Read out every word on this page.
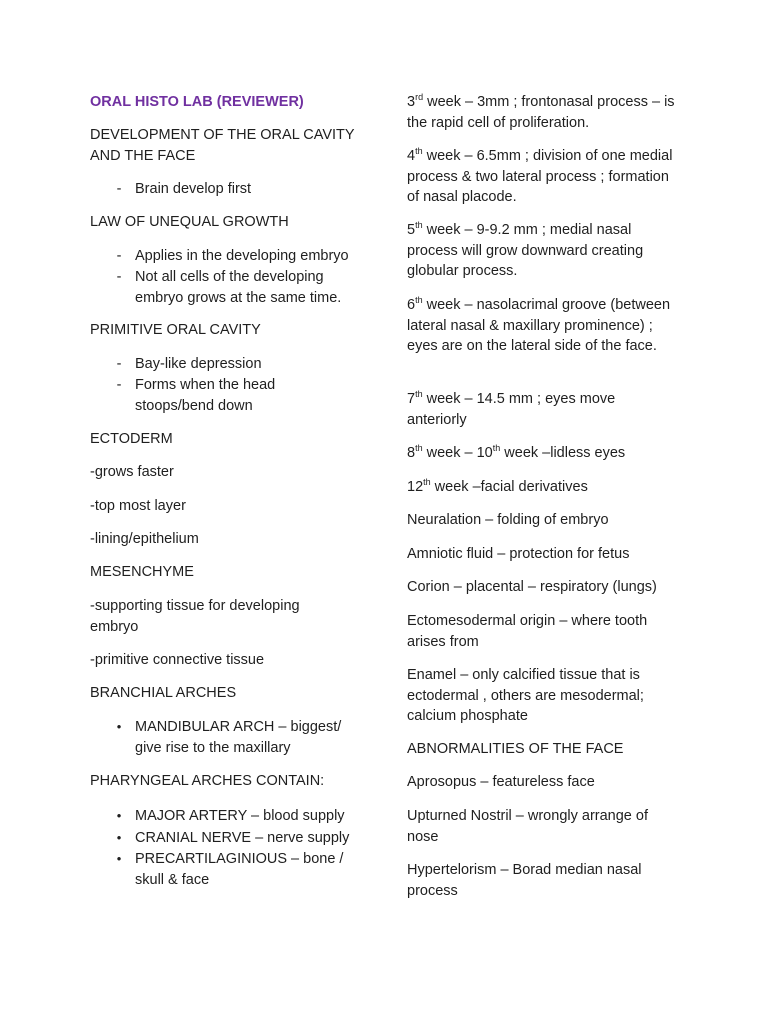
ORAL HISTO LAB (REVIEWER)

DEVELOPMENT OF THE ORAL CAVITY AND THE FACE

- Brain develop first

LAW OF UNEQUAL GROWTH

- Applies in the developing embryo
- Not all cells of the developing embryo grows at the same time.

PRIMITIVE ORAL CAVITY

- Bay-like depression
- Forms when the head stoops/bend down

ECTODERM

-grows faster

-top most layer

-lining/epithelium

MESENCHYME

-supporting tissue for developing embryo

-primitive connective tissue

BRANCHIAL ARCHES

• MANDIBULAR ARCH – biggest/ give rise to the maxillary

PHARYNGEAL ARCHES CONTAIN:

• MAJOR ARTERY – blood supply
• CRANIAL NERVE – nerve supply
• PRECARTILAGINIOUS – bone / skull & face

3rd week – 3mm ; frontonasal process – is the rapid cell of proliferation.

4th week – 6.5mm ; division of one medial process & two lateral process ; formation of nasal placode.

5th week – 9-9.2 mm ; medial nasal process will grow downward creating globular process.

6th week – nasolacrimal groove (between lateral nasal & maxillary prominence) ; eyes are on the lateral side of the face.

7th week – 14.5 mm ; eyes move anteriorly

8th week – 10th week –lidless eyes

12th week –facial derivatives

Neuralation – folding of embryo

Amniotic fluid – protection for fetus

Corion – placental – respiratory (lungs)

Ectomesodermal origin – where tooth arises from

Enamel – only calcified tissue that is ectodermal , others are mesodermal; calcium phosphate

ABNORMALITIES OF THE FACE

Aprosopus – featureless face

Upturned Nostril – wrongly arrange of nose

Hypertelorism – Borad median nasal process
